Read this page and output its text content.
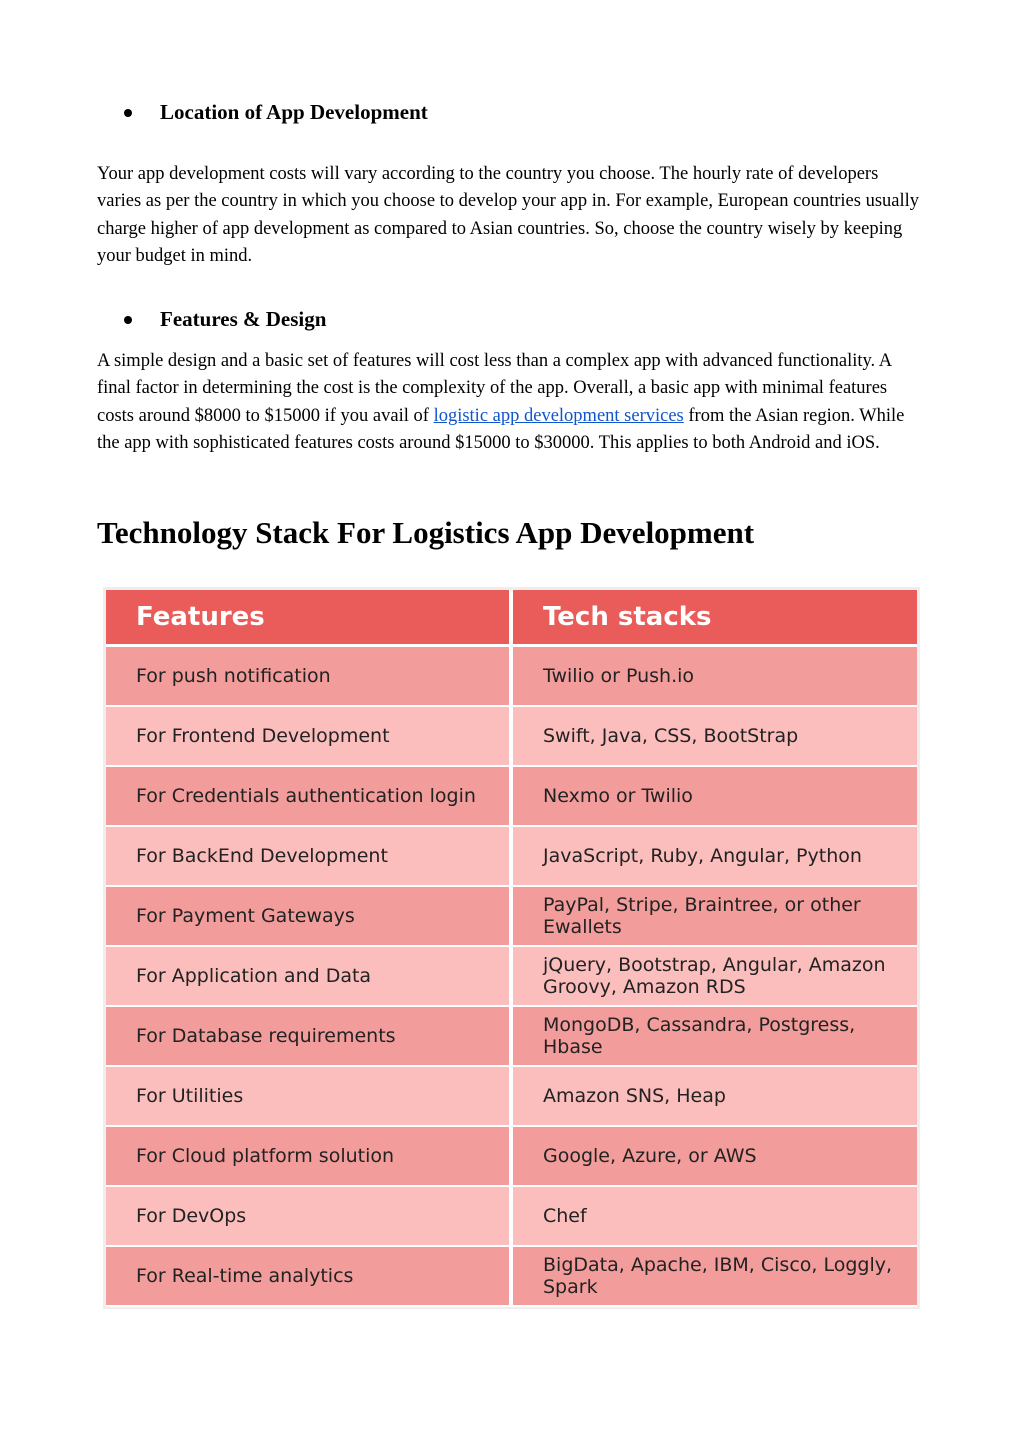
Location of App Development

Your app development costs will vary according to the country you choose. The hourly rate of developers varies as per the country in which you choose to develop your app in. For example, European countries usually charge higher of app development as compared to Asian countries. So, choose the country wisely by keeping your budget in mind.

Features & Design

A simple design and a basic set of features will cost less than a complex app with advanced functionality. A final factor in determining the cost is the complexity of the app. Overall, a basic app with minimal features costs around $8000 to $15000 if you avail of logistic app development services from the Asian region. While the app with sophisticated features costs around $15000 to $30000. This applies to both Android and iOS.

Technology Stack For Logistics App Development
Features	Tech stacks
For push notification	Twilio or Push.io
For Frontend Development	Swift, Java, CSS, BootStrap
For Credentials authentication login	Nexmo or Twilio
For BackEnd Development	JavaScript, Ruby, Angular, Python
For Payment Gateways	PayPal, Stripe, Braintree, or other Ewallets
For Application and Data	jQuery, Bootstrap, Angular, Amazon Groovy, Amazon RDS
For Database requirements	MongoDB, Cassandra, Postgress, Hbase
For Utilities	Amazon SNS, Heap
For Cloud platform solution	Google, Azure, or AWS
For DevOps	Chef
For Real-time analytics	BigData, Apache, IBM, Cisco, Loggly, Spark
